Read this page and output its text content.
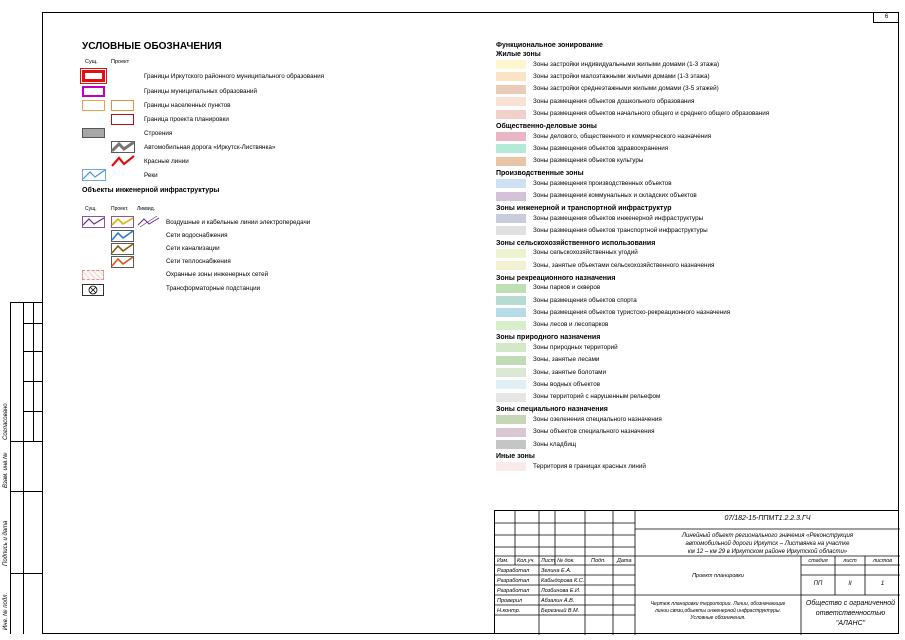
6
УСЛОВНЫЕ ОБОЗНАЧЕНИЯ
Сущ. Проект
Границы Иркутского районного муниципального образования
Границы муниципальных образований
Границы населенных пунктов
Граница проекта планировки
Строения
Автомобильная дорога «Иркутск-Листвянка»
Красные линии
Реки
Объекты инженерной инфраструктуры
Сущ.	Проект. Ликвид.
Воздушные и кабельные линии электропередачи
Сети водоснабжения
Сети канализации
Сети теплоснабжения
Охранные зоны инженерных сетей
Трансформаторные подстанции
Функциональное зонирование
Жилые зоны
Зоны застройки индивидуальными жилыми домами (1-3 этажа)
Зоны застройки малоэтажными жилыми домами (1-3 этажа)
Зоны застройки среднеэтажными жилыми домами (3-5 этажей)
Зоны размещения объектов дошкольного образования
Зоны размещения объектов начального общего и среднего общего образования
Общественно-деловые зоны
Зоны делового, общественного и коммерческого назначения
Зоны размещения объектов здравоохранения
Зоны размещения объектов культуры
Производственные зоны
Зоны размещения производственных объектов
Зоны размещения коммунальных и складских объектов
Зоны инженерной и транспортной инфраструктур
Зоны размещения объектов инженерной инфраструктуры
Зоны размещения объектов транспортной инфраструктуры
Зоны сельскохозяйственного использования
Зоны сельскохозяйственных угодий
Зоны, занятые объектами сельскохозяйственного назначения
Зоны рекреационного назначения
Зоны парков и скверов
Зоны размещения объектов спорта
Зоны размещения объектов туристско-рекреационного назначения
Зоны лесов и лесопарков
Зоны природного назначения
Зоны природных территорий
Зоны, занятые лесами
Зоны, занятые болотами
Зоны водных объектов
Зоны территорий с нарушенным рельефом
Зоны специального назначения
Зоны озеленения специального назначения
Зоны объектов специального назначения
Зоны кладбищ
Иные зоны
Территория в границах красных линий
Согласовано
Взам. инв.№
Подпись и дата
Инв. № подл.
07/182-15-ППМТ1.2.2.3.ГЧ
Линейный объект регионального значения «Реконструкция
автомобильной дороги Иркутск – Листвянка на участке
км 12 – км 29 в Иркутском районе Иркутской области»
Изм. Кол.уч. Лист № док.	Подп. Дата
Разработал Зелина Е.А.
Разработал Кабыдорова К.С.
Разработал Лозбинова Е.И.
Проверил	Абзалин А.В.
Н.контр.	Березный В.М.
Проект планировки
Чертеж планировки территории. Линии, обозначающие
линии связи,объекты инженерной инфраструктуры.
Условные обозначения.
стадия	лист	листов
ПП	II	1
Общество с ограниченной
ответственностью
"АЛАНС"
